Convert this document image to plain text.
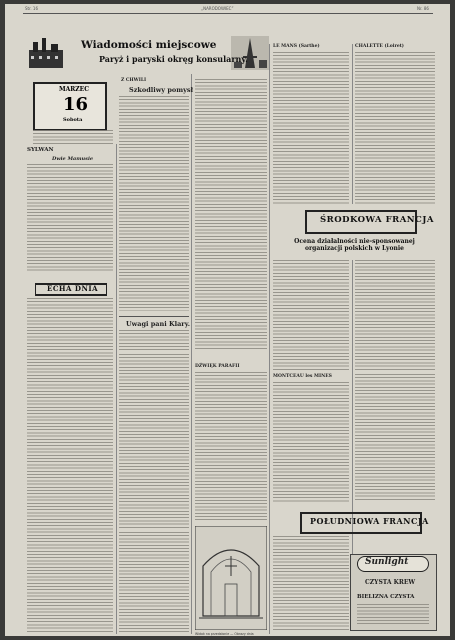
Str. 16	„NARODOWIEC”	Nr. 86
Wiadomości miejscowe
Paryż i paryski okręg konsularny.
MARZEC
16
Sobota
SYLWAN
Dwie Mamusie
ECHA DNIA
Z CHWILI
Szkodliwy pomysł
Uwagi pani Klary.
DŹWIĘK PARAFII
Widok na przedsłonie — Obrazy dnia
LE MANS (Sarthe)	CHALETTE (Loiret)
ŚRODKOWA FRANCJA
Ocena działalności nie-sponsowanej organizacji polskich w Lyonie
MONTCEAU les MINES
POŁUDNIOWA FRANCJA
Sunlight
CZYSTA KREW
BIELIZNA CZYSTA
